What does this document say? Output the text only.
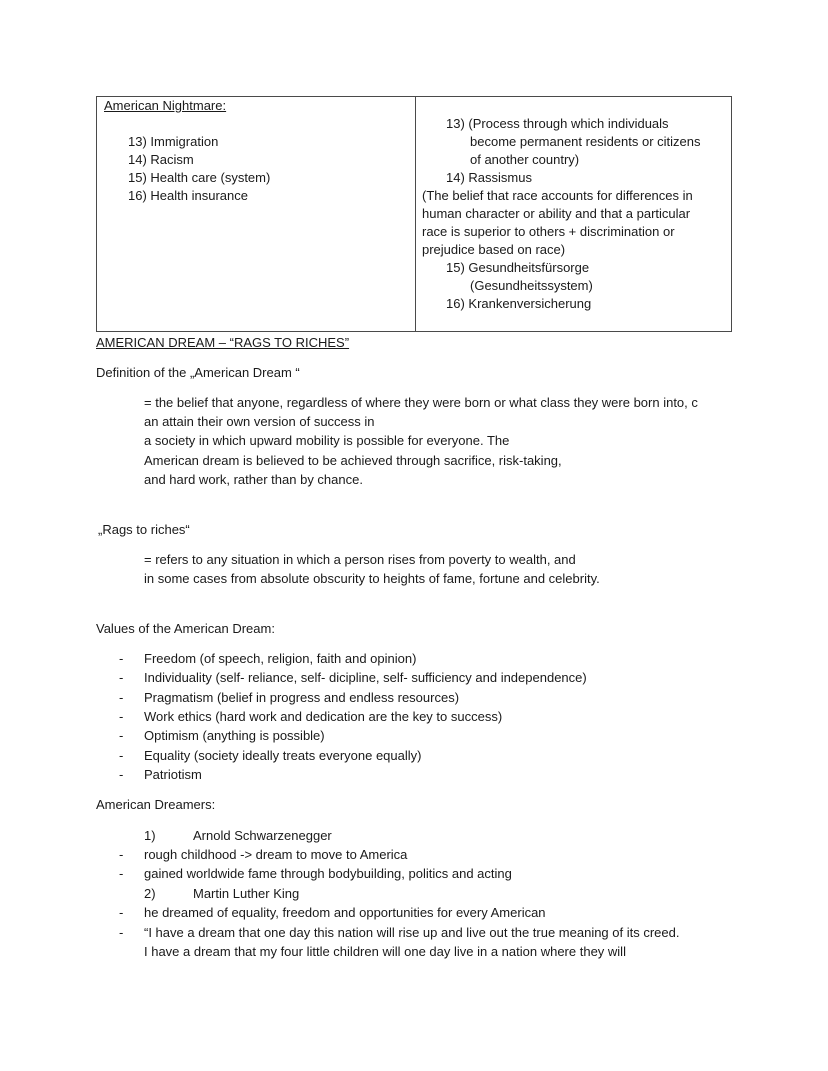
American Nightmare:
13) Immigration
14) Racism
15) Health care (system)
16) Health insurance
13) (Process through which individuals
become permanent residents or citizens
of another country)
14) Rassismus
(The belief that race accounts for differences in
human character or ability and that a particular
race is superior to others + discrimination or
prejudice based on race)
15) Gesundheitsfürsorge
(Gesundheitssystem)
16) Krankenversicherung
AMERICAN DREAM – “RAGS TO RICHES”
Definition of the „American Dream “
= the belief that anyone, regardless of where they were born or what class they were born into, c
an attain their own version of success in
a society in which upward mobility is possible for everyone. The
American dream is believed to be achieved through sacrifice, risk-taking,
and hard work, rather than by chance.
„Rags to riches“
= refers to any situation in which a person rises from poverty to wealth, and
in some cases from absolute obscurity to heights of fame, fortune and celebrity.
Values of the American Dream:
- Freedom (of speech, religion, faith and opinion)
- Individuality (self- reliance, self- dicipline, self- sufficiency and independence)
- Pragmatism (belief in progress and endless resources)
- Work ethics (hard work and dedication are the key to success)
- Optimism (anything is possible)
- Equality (society ideally treats everyone equally)
- Patriotism
American Dreamers:
1)	Arnold Schwarzenegger
- rough childhood -> dream to move to America
- gained worldwide fame through bodybuilding, politics and acting
2)	Martin Luther King
- he dreamed of equality, freedom and opportunities for every American
- “I have a dream that one day this nation will rise up and live out the true meaning of its creed.
I have a dream that my four little children will one day live in a nation where they will
